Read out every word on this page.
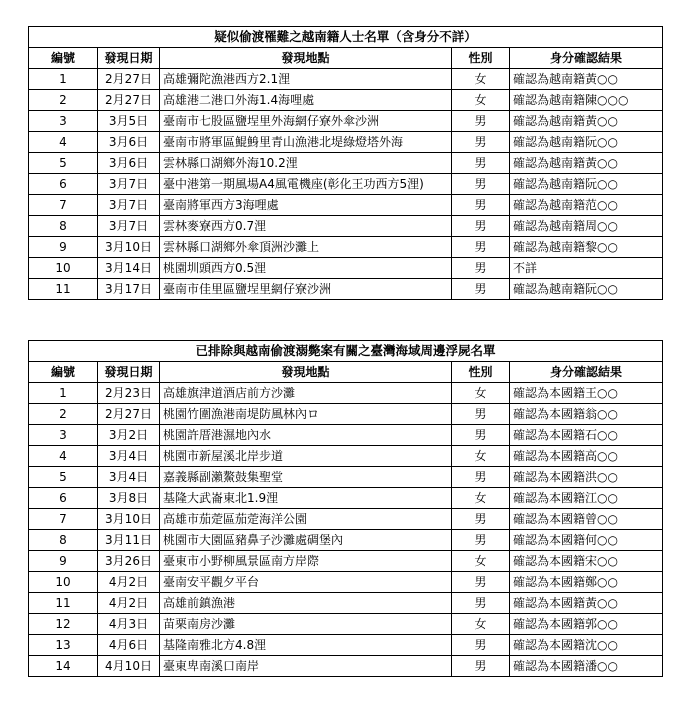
疑似偷渡罹難之越南籍人士名單（含身分不詳）				
編號	發現日期	發現地點	性別	身分確認結果
1	2月27日	高雄彌陀漁港西方2.1浬	女	確認為越南籍黃○○
2	2月27日	高雄港二港口外海1.4海哩處	女	確認為越南籍陳○○○
3	3月5日	臺南市七股區鹽埕里外海網仔寮外傘沙洲	男	確認為越南籍黃○○
4	3月6日	臺南市將軍區鯤鯓里青山漁港北堤綠燈塔外海	男	確認為越南籍阮○○
5	3月6日	雲林縣口湖鄉外海10.2浬	男	確認為越南籍黃○○
6	3月7日	臺中港第一期風場A4風電機座(彰化王功西方5浬)	男	確認為越南籍阮○○
7	3月7日	臺南將軍西方3海哩處	男	確認為越南籍范○○
8	3月7日	雲林麥寮西方0.7浬	男	確認為越南籍周○○
9	3月10日	雲林縣口湖鄉外傘頂洲沙灘上	男	確認為越南籍黎○○
10	3月14日	桃園圳頭西方0.5浬	男	不詳
11	3月17日	臺南市佳里區鹽埕里網仔寮沙洲	男	確認為越南籍阮○○
已排除與越南偷渡溺斃案有關之臺灣海域周邊浮屍名單				
編號	發現日期	發現地點	性別	身分確認結果
1	2月23日	高雄旗津道酒店前方沙灘	女	確認為本國籍王○○
2	2月27日	桃園竹圍漁港南堤防風林內ロ	男	確認為本國籍翁○○
3	3月2日	桃園許厝港濕地內水	男	確認為本國籍石○○
4	3月4日	桃園市新屋溪北岸步道	女	確認為本國籍高○○
5	3月4日	嘉義縣副瀨鰲鼓集聖堂	男	確認為本國籍洪○○
6	3月8日	基隆大武崙東北1.9浬	女	確認為本國籍江○○
7	3月10日	高雄市茄萣區茄萣海洋公園	男	確認為本國籍曾○○
8	3月11日	桃園市大園區豬鼻子沙灘處碉堡內	男	確認為本國籍何○○
9	3月26日	臺東市小野柳風景區南方岸際	女	確認為本國籍宋○○
10	4月2日	臺南安平觀夕平台	男	確認為本國籍鄭○○
11	4月2日	高雄前鎮漁港	男	確認為本國籍黃○○
12	4月3日	苗栗南房沙灘	女	確認為本國籍郭○○
13	4月6日	基隆南雅北方4.8浬	男	確認為本國籍沈○○
14	4月10日	臺東卑南溪口南岸	男	確認為本國籍潘○○
